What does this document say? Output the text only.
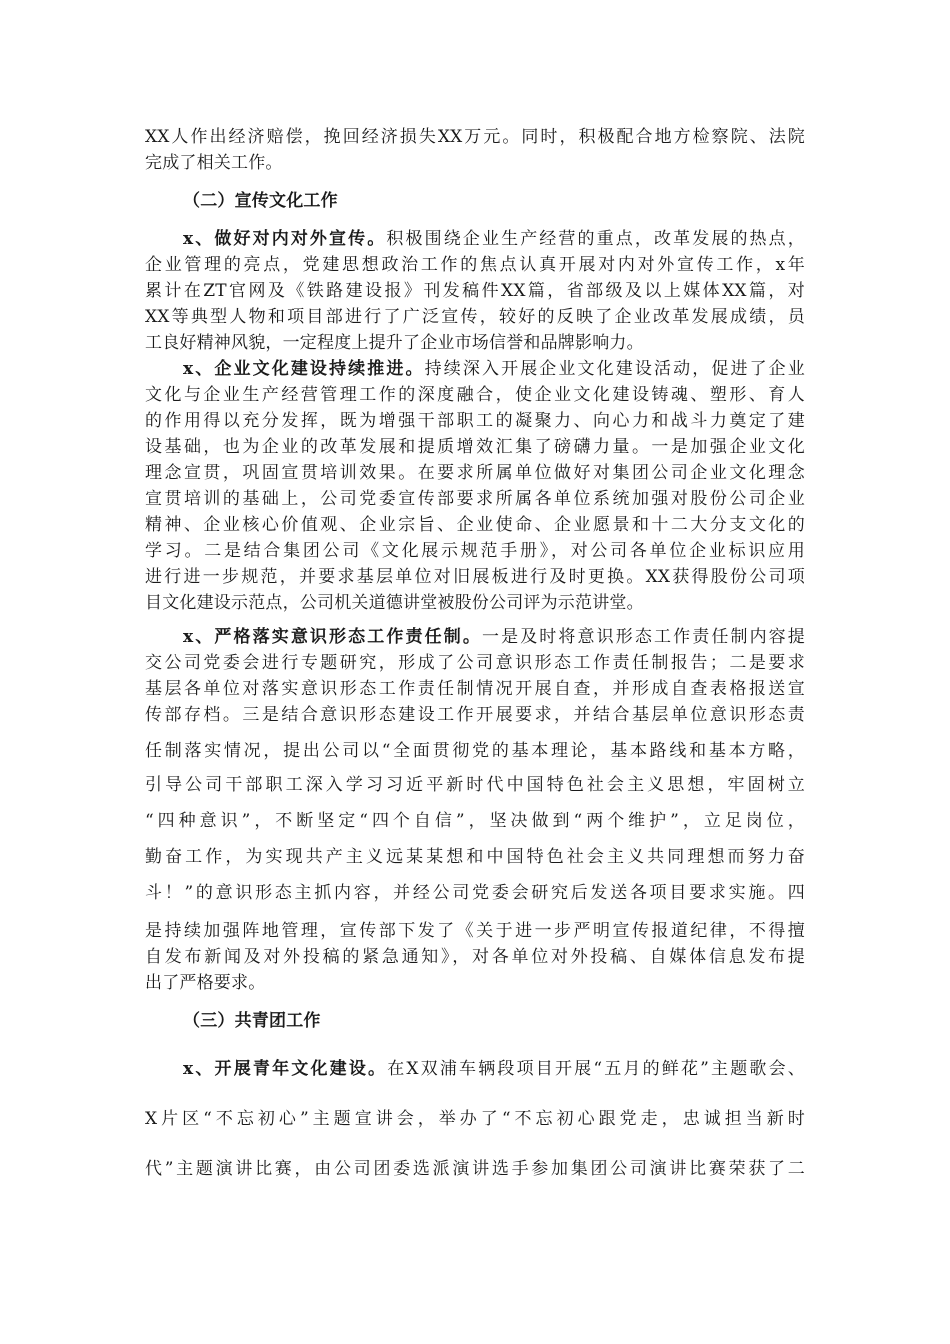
XX人作出经济赔偿，挽回经济损失XX万元。同时，积极配合地方检察院、法院
完成了相关工作。
（二）宣传文化工作
x、做好对内对外宣传。积极围绕企业生产经营的重点，改革发展的热点，
企业管理的亮点，党建思想政治工作的焦点认真开展对内对外宣传工作，x年
累计在ZT官网及《铁路建设报》刊发稿件XX篇，省部级及以上媒体XX篇，对
XX等典型人物和项目部进行了广泛宣传，较好的反映了企业改革发展成绩，员
工良好精神风貌，一定程度上提升了企业市场信誉和品牌影响力。
x、企业文化建设持续推进。持续深入开展企业文化建设活动，促进了企业
文化与企业生产经营管理工作的深度融合，使企业文化建设铸魂、塑形、育人
的作用得以充分发挥，既为增强干部职工的凝聚力、向心力和战斗力奠定了建
设基础，也为企业的改革发展和提质增效汇集了磅礴力量。一是加强企业文化
理念宣贯，巩固宣贯培训效果。在要求所属单位做好对集团公司企业文化理念
宣贯培训的基础上，公司党委宣传部要求所属各单位系统加强对股份公司企业
精神、企业核心价值观、企业宗旨、企业使命、企业愿景和十二大分支文化的
学习。二是结合集团公司《文化展示规范手册》，对公司各单位企业标识应用
进行进一步规范，并要求基层单位对旧展板进行及时更换。XX获得股份公司项
目文化建设示范点，公司机关道德讲堂被股份公司评为示范讲堂。
x、严格落实意识形态工作责任制。一是及时将意识形态工作责任制内容提
交公司党委会进行专题研究，形成了公司意识形态工作责任制报告；二是要求
基层各单位对落实意识形态工作责任制情况开展自查，并形成自查表格报送宣
传部存档。三是结合意识形态建设工作开展要求，并结合基层单位意识形态责
任制落实情况，提出公司以“全面贯彻党的基本理论，基本路线和基本方略，
引导公司干部职工深入学习习近平新时代中国特色社会主义思想，牢固树立
“四种意识”，不断坚定“四个自信”，坚决做到“两个维护”，立足岗位，
勤奋工作，为实现共产主义远某某想和中国特色社会主义共同理想而努力奋
斗！”的意识形态主抓内容，并经公司党委会研究后发送各项目要求实施。四
是持续加强阵地管理，宣传部下发了《关于进一步严明宣传报道纪律，不得擅
自发布新闻及对外投稿的紧急通知》，对各单位对外投稿、自媒体信息发布提
出了严格要求。
（三）共青团工作
x、开展青年文化建设。在X双浦车辆段项目开展“五月的鲜花”主题歌会、
X片区“不忘初心”主题宣讲会，举办了“不忘初心跟党走，忠诚担当新时
代”主题演讲比赛，由公司团委选派演讲选手参加集团公司演讲比赛荣获了二
